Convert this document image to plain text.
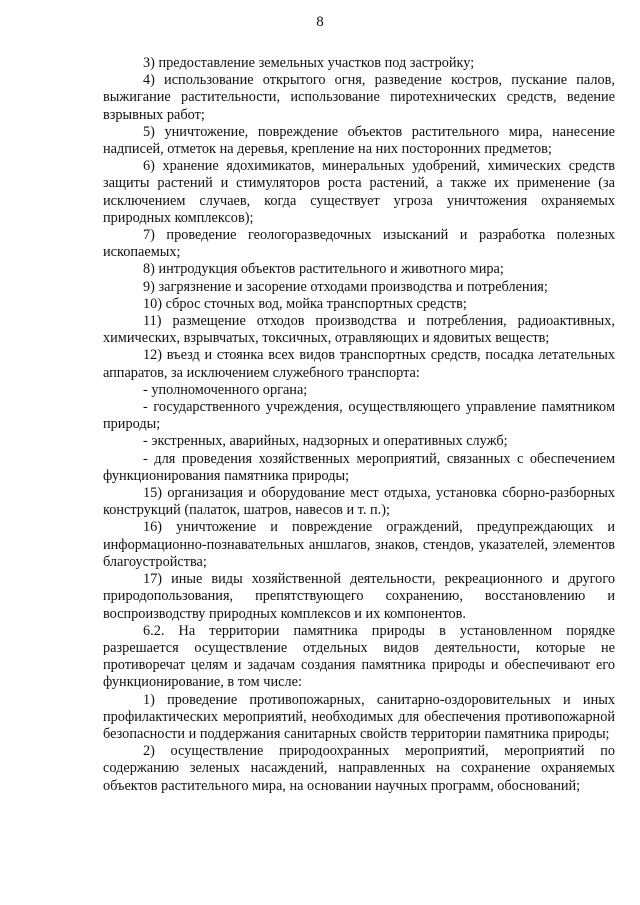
8

3) предоставление земельных участков под застройку;

4) использование открытого огня, разведение костров, пускание палов, выжигание растительности, использование пиротехнических средств, ведение взрывных работ;

5) уничтожение, повреждение объектов растительного мира, нанесение надписей, отметок на деревья, крепление на них посторонних предметов;

6) хранение ядохимикатов, минеральных удобрений, химических средств защиты растений и стимуляторов роста растений, а также их применение (за исключением случаев, когда существует угроза уничтожения охраняемых природных комплексов);

7) проведение геологоразведочных изысканий и разработка полезных ископаемых;

8) интродукция объектов растительного и животного мира;

9) загрязнение и засорение отходами производства и потребления;

10) сброс сточных вод, мойка транспортных средств;

11) размещение отходов производства и потребления, радиоактивных, химических, взрывчатых, токсичных, отравляющих и ядовитых веществ;

12) въезд и стоянка всех видов транспортных средств, посадка летательных аппаратов, за исключением служебного транспорта:

- уполномоченного органа;

- государственного учреждения, осуществляющего управление памятником природы;

- экстренных, аварийных, надзорных и оперативных служб;

- для проведения хозяйственных мероприятий, связанных с обеспечением функционирования памятника природы;

15) организация и оборудование мест отдыха, установка сборно-разборных конструкций (палаток, шатров, навесов и т. п.);

16) уничтожение и повреждение ограждений, предупреждающих и информационно-познавательных аншлагов, знаков, стендов, указателей, элементов благоустройства;

17) иные виды хозяйственной деятельности, рекреационного и другого природопользования, препятствующего сохранению, восстановлению и воспроизводству природных комплексов и их компонентов.

6.2. На территории памятника природы в установленном порядке разрешается осуществление отдельных видов деятельности, которые не противоречат целям и задачам создания памятника природы и обеспечивают его функционирование, в том числе:

1) проведение противопожарных, санитарно-оздоровительных и иных профилактических мероприятий, необходимых для обеспечения противопожарной безопасности и поддержания санитарных свойств территории памятника природы;

2) осуществление природоохранных мероприятий, мероприятий по содержанию зеленых насаждений, направленных на сохранение охраняемых объектов растительного мира, на основании научных программ, обоснований;
